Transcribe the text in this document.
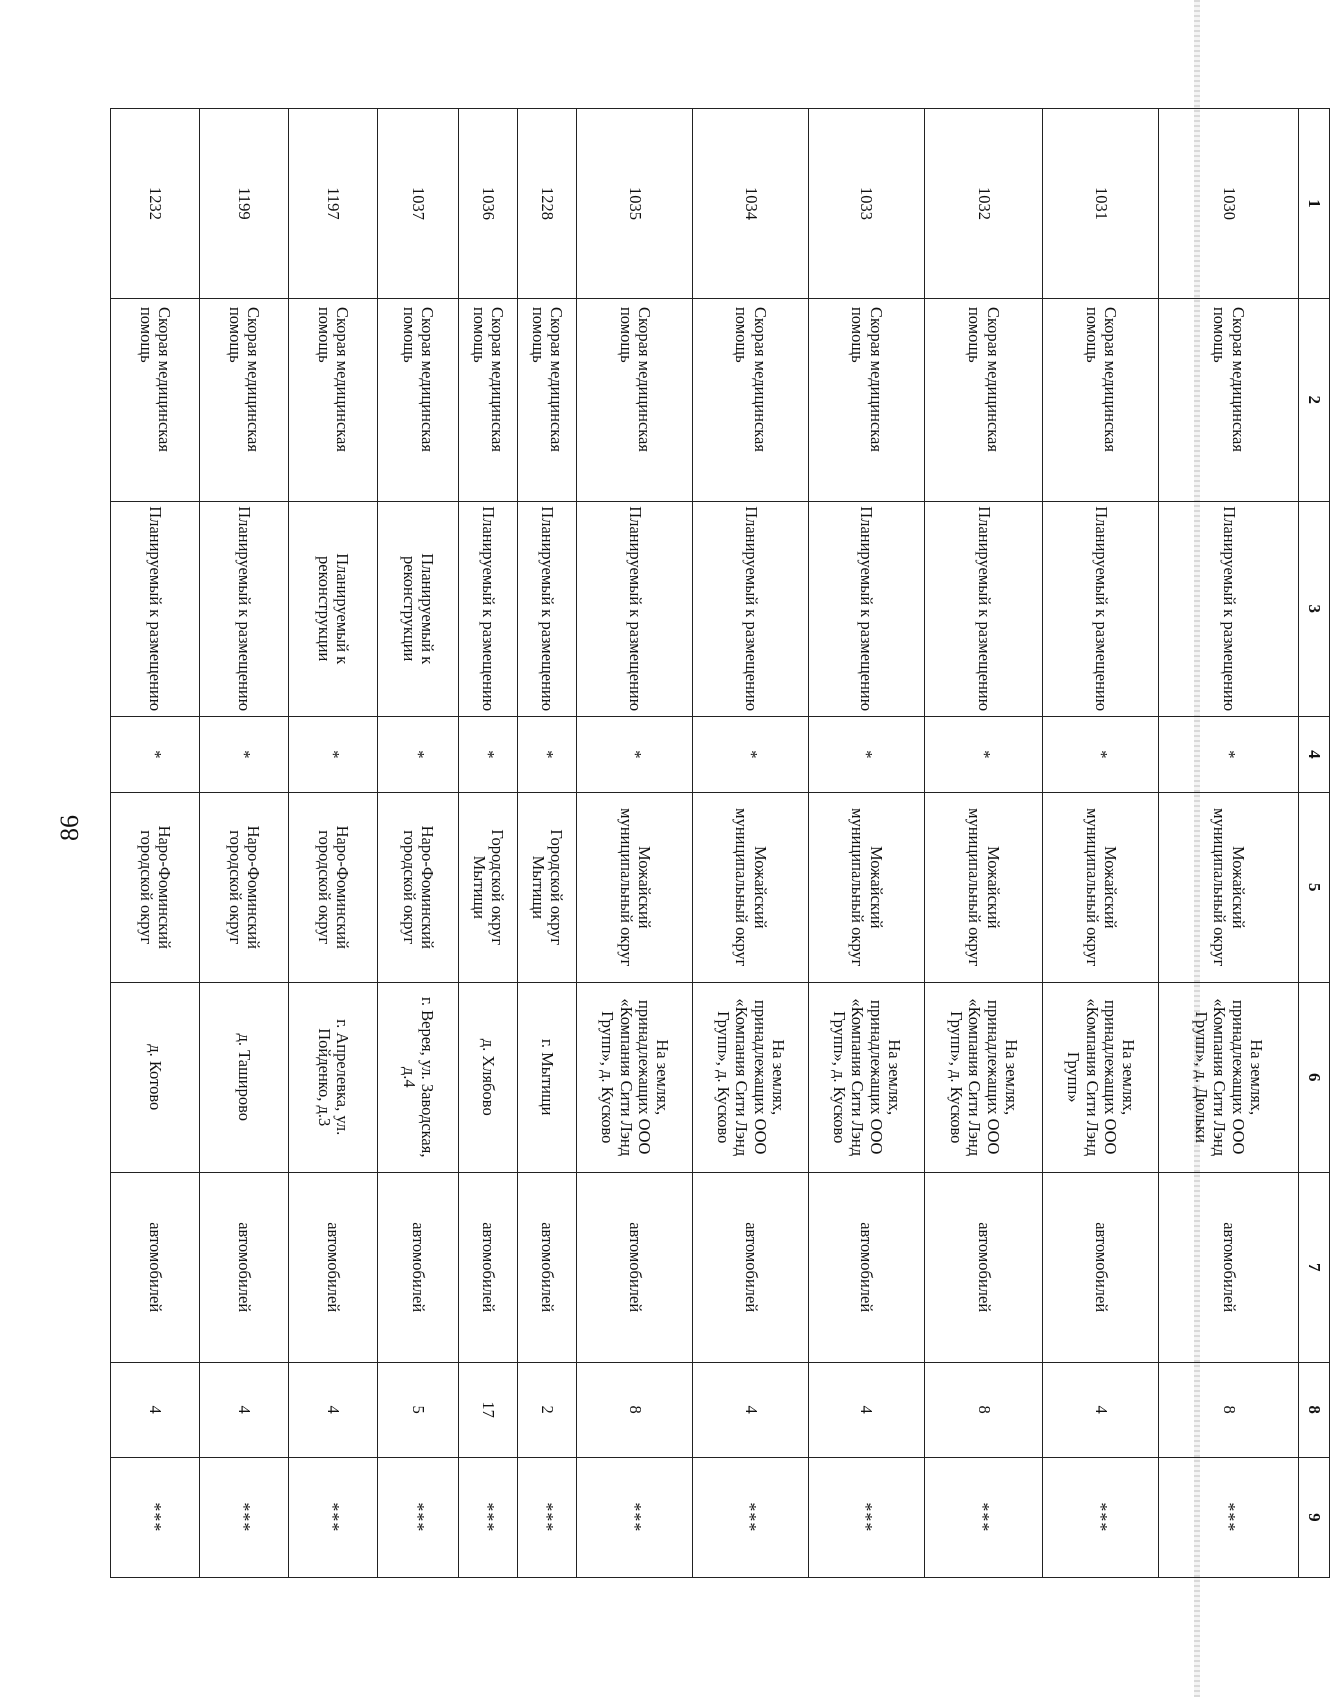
86
1	2	3	4	5	6	7	8	9
1030	Скорая медицинская помощь	Планируемый к размещению	*	Можайский муниципальный округ	На землях, принадлежащих ООО «Компания Сити Лэнд Групп», д. Дюльки	автомобилей	8	***
1031	Скорая медицинская помощь	Планируемый к размещению	*	Можайский муниципальный округ	На землях, принадлежащих ООО «Компания Сити Лэнд Групп»	автомобилей	4	***
1032	Скорая медицинская помощь	Планируемый к размещению	*	Можайский муниципальный округ	На землях, принадлежащих ООО «Компания Сити Лэнд Групп», д. Кусково	автомобилей	8	***
1033	Скорая медицинская помощь	Планируемый к размещению	*	Можайский муниципальный округ	На землях, принадлежащих ООО «Компания Сити Лэнд Групп», д. Кусково	автомобилей	4	***
1034	Скорая медицинская помощь	Планируемый к размещению	*	Можайский муниципальный округ	На землях, принадлежащих ООО «Компания Сити Лэнд Групп», д. Кусково	автомобилей	4	***
1035	Скорая медицинская помощь	Планируемый к размещению	*	Можайский муниципальный округ	На землях, принадлежащих ООО «Компания Сити Лэнд Групп», д. Кусково	автомобилей	8	***
1228	Скорая медицинская помощь	Планируемый к размещению	*	Городской округ Мытищи	г. Мытищи	автомобилей	2	***
1036	Скорая медицинская помощь	Планируемый к размещению	*	Городской округ Мытищи	д. Хлябово	автомобилей	17	***
1037	Скорая медицинская помощь	Планируемый к реконструкции	*	Наро-Фоминский городской округ	г. Верея, ул. Заводская, д.4	автомобилей	5	***
1197	Скорая медицинская помощь	Планируемый к реконструкции	*	Наро-Фоминский городской округ	г. Апрелевка, ул. Пойденко, д.3	автомобилей	4	***
1199	Скорая медицинская помощь	Планируемый к размещению	*	Наро-Фоминский городской округ	д. Таширово	автомобилей	4	***
1232	Скорая медицинская помощь	Планируемый к размещению	*	Наро-Фоминский городской округ	д. Котово	автомобилей	4	***
